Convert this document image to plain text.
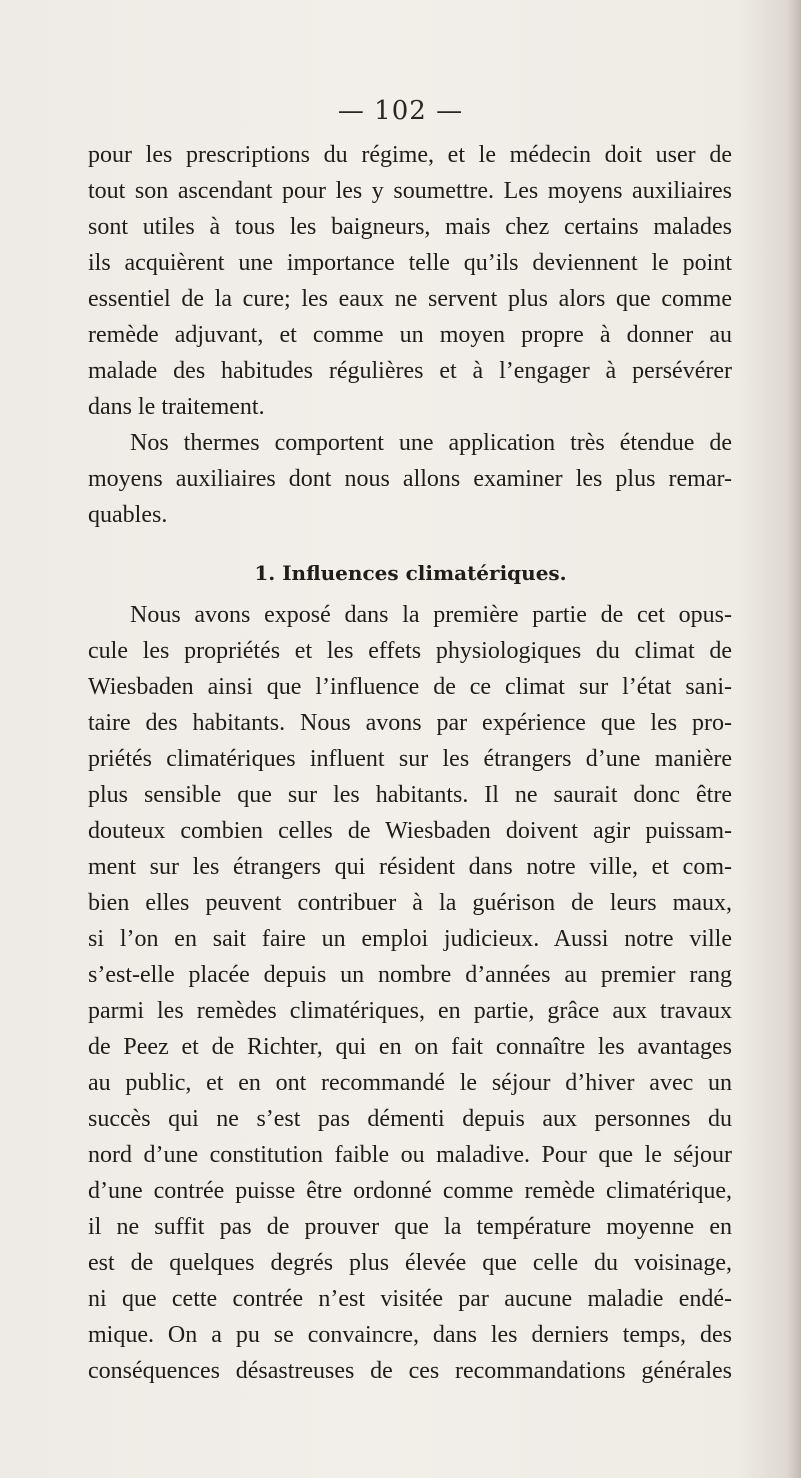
— 102 —
pour les prescriptions du régime, et le médecin doit user de
tout son ascendant pour les y soumettre. Les moyens auxiliaires
sont utiles à tous les baigneurs, mais chez certains malades
ils acquièrent une importance telle qu’ils deviennent le point
essentiel de la cure; les eaux ne servent plus alors que comme
remède adjuvant, et comme un moyen propre à donner au
malade des habitudes régulières et à l’engager à persévérer
dans le traitement.
Nos thermes comportent une application très étendue de
moyens auxiliaires dont nous allons examiner les plus remar-
quables.
1. Influences climatériques.
Nous avons exposé dans la première partie de cet opus-
cule les propriétés et les effets physiologiques du climat de
Wiesbaden ainsi que l’influence de ce climat sur l’état sani-
taire des habitants. Nous avons par expérience que les pro-
priétés climatériques influent sur les étrangers d’une manière
plus sensible que sur les habitants. Il ne saurait donc être
douteux combien celles de Wiesbaden doivent agir puissam-
ment sur les étrangers qui résident dans notre ville, et com-
bien elles peuvent contribuer à la guérison de leurs maux,
si l’on en sait faire un emploi judicieux. Aussi notre ville
s’est-elle placée depuis un nombre d’années au premier rang
parmi les remèdes climatériques, en partie, grâce aux travaux
de Peez et de Richter, qui en on fait connaître les avantages
au public, et en ont recommandé le séjour d’hiver avec un
succès qui ne s’est pas démenti depuis aux personnes du
nord d’une constitution faible ou maladive. Pour que le séjour
d’une contrée puisse être ordonné comme remède climatérique,
il ne suffit pas de prouver que la température moyenne en
est de quelques degrés plus élevée que celle du voisinage,
ni que cette contrée n’est visitée par aucune maladie endé-
mique. On a pu se convaincre, dans les derniers temps, des
conséquences désastreuses de ces recommandations générales
